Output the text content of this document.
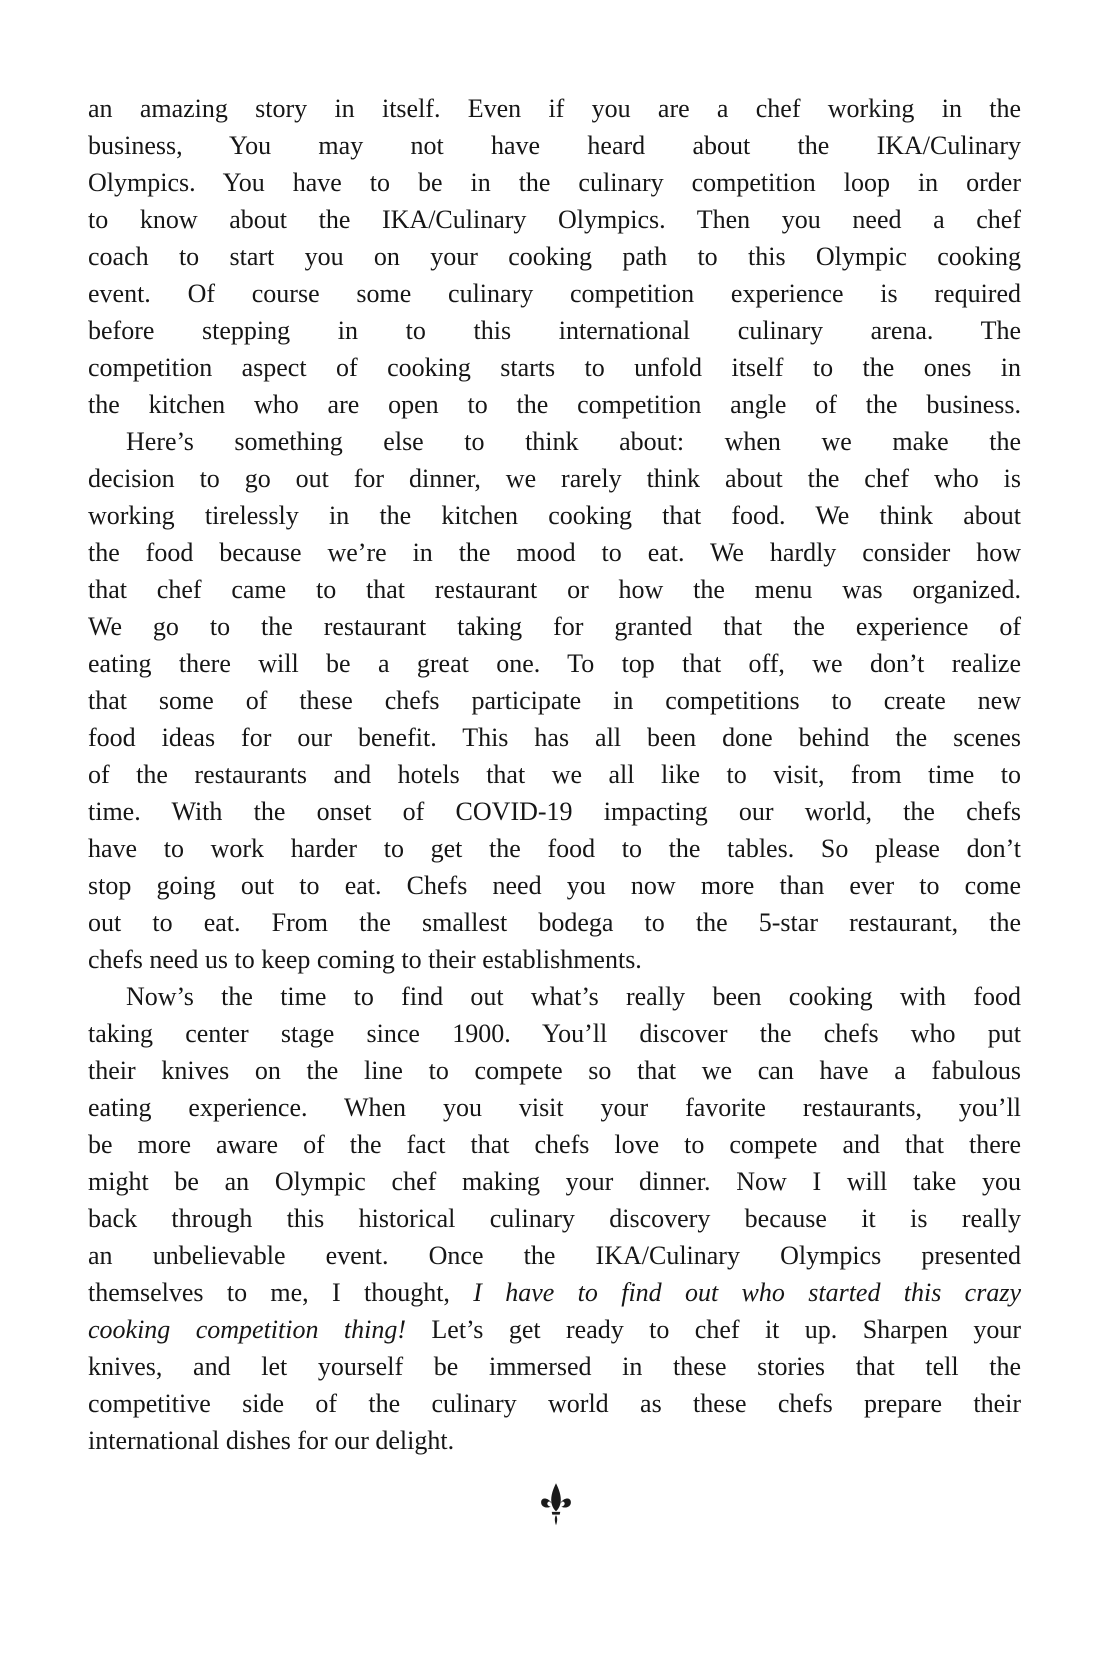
an amazing story in itself. Even if you are a chef working in the
business, You may not have heard about the IKA/Culinary
Olympics. You have to be in the culinary competition loop in order
to know about the IKA/Culinary Olympics. Then you need a chef
coach to start you on your cooking path to this Olympic cooking
event. Of course some culinary competition experience is required
before stepping in to this international culinary arena. The
competition aspect of cooking starts to unfold itself to the ones in
the kitchen who are open to the competition angle of the business.
Here’s something else to think about: when we make the
decision to go out for dinner, we rarely think about the chef who is
working tirelessly in the kitchen cooking that food. We think about
the food because we’re in the mood to eat. We hardly consider how
that chef came to that restaurant or how the menu was organized.
We go to the restaurant taking for granted that the experience of
eating there will be a great one. To top that off, we don’t realize
that some of these chefs participate in competitions to create new
food ideas for our benefit. This has all been done behind the scenes
of the restaurants and hotels that we all like to visit, from time to
time. With the onset of COVID-19 impacting our world, the chefs
have to work harder to get the food to the tables. So please don’t
stop going out to eat. Chefs need you now more than ever to come
out to eat. From the smallest bodega to the 5-star restaurant, the
chefs need us to keep coming to their establishments.
Now’s the time to find out what’s really been cooking with food
taking center stage since 1900. You’ll discover the chefs who put
their knives on the line to compete so that we can have a fabulous
eating experience. When you visit your favorite restaurants, you’ll
be more aware of the fact that chefs love to compete and that there
might be an Olympic chef making your dinner. Now I will take you
back through this historical culinary discovery because it is really
an unbelievable event. Once the IKA/Culinary Olympics presented
themselves to me, I thought, I have to find out who started this crazy
cooking competition thing! Let’s get ready to chef it up. Sharpen your
knives, and let yourself be immersed in these stories that tell the
competitive side of the culinary world as these chefs prepare their
international dishes for our delight.
